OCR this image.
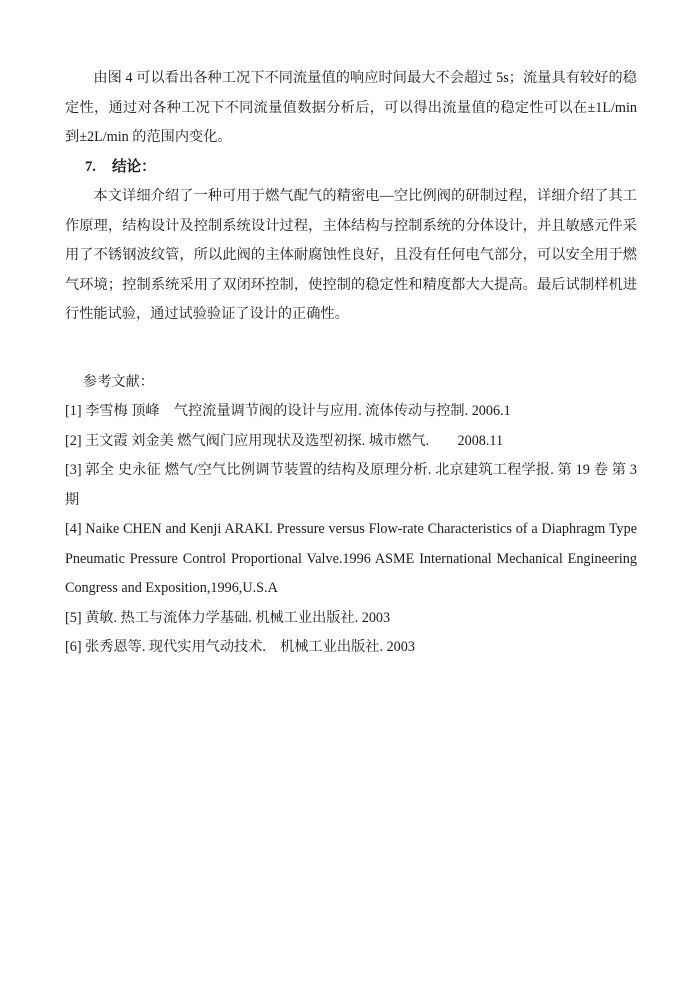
由图 4 可以看出各种工况下不同流量值的响应时间最大不会超过 5s；流量具有较好的稳定性，通过对各种工况下不同流量值数据分析后，可以得出流量值的稳定性可以在±1L/min 到±2L/min 的范围内变化。

7. 结论：

本文详细介绍了一种可用于燃气配气的精密电—空比例阀的研制过程，详细介绍了其工作原理，结构设计及控制系统设计过程，主体结构与控制系统的分体设计，并且敏感元件采用了不锈钢波纹管，所以此阀的主体耐腐蚀性良好，且没有任何电气部分，可以安全用于燃气环境；控制系统采用了双闭环控制，使控制的稳定性和精度都大大提高。最后试制样机进行性能试验，通过试验验证了设计的正确性。

参考文献：

[1] 李雪梅 顶峰　气控流量调节阀的设计与应用. 流体传动与控制. 2006.1

[2] 王文霞 刘金美 燃气阀门应用现状及选型初探. 城市燃气.　　2008.11

[3] 郭全 史永征 燃气/空气比例调节装置的结构及原理分析. 北京建筑工程学报. 第 19 卷 第 3 期

[4] Naike CHEN and Kenji ARAKI. Pressure versus Flow-rate Characteristics of a Diaphragm Type Pneumatic Pressure Control Proportional Valve.1996 ASME International Mechanical Engineering Congress and Exposition,1996,U.S.A

[5] 黄敏. 热工与流体力学基础. 机械工业出版社. 2003

[6] 张秀恩等. 现代实用气动技术.　机械工业出版社. 2003
